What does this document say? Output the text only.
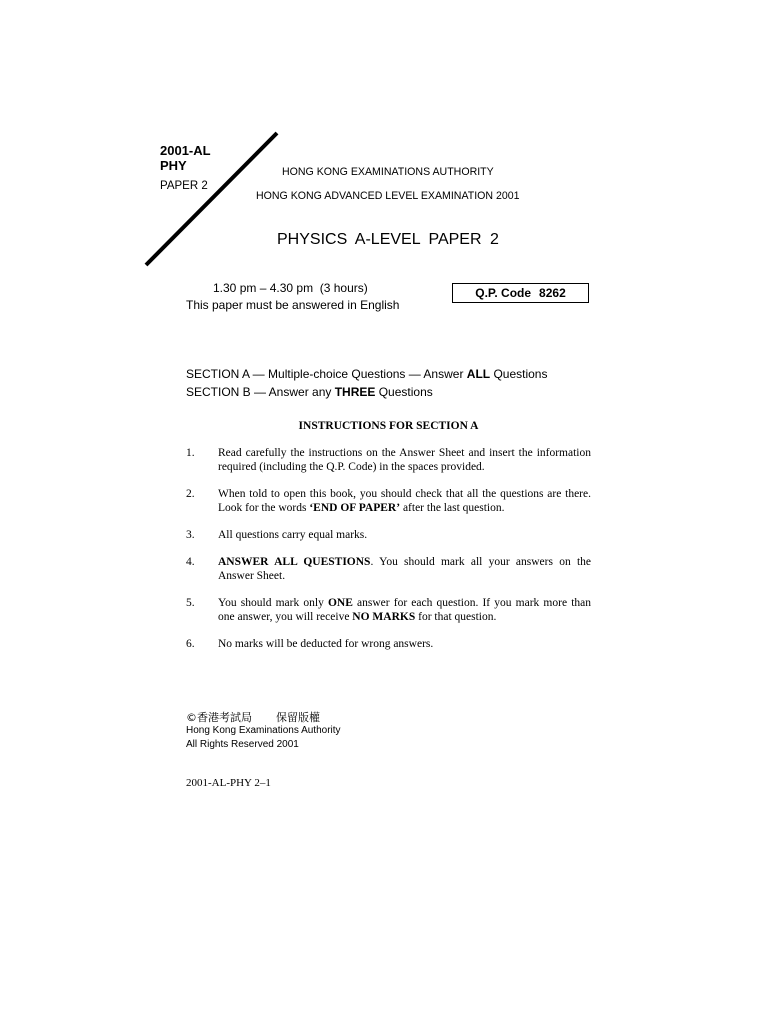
2001-AL
PHY
PAPER 2
HONG KONG EXAMINATIONS AUTHORITY
HONG KONG ADVANCED LEVEL EXAMINATION 2001
PHYSICS A-LEVEL PAPER 2
1.30 pm – 4.30 pm  (3 hours)
This paper must be answered in English
Q.P. Code 8262
SECTION A — Multiple-choice Questions — Answer ALL Questions
SECTION B — Answer any THREE Questions
INSTRUCTIONS FOR SECTION A
1. Read carefully the instructions on the Answer Sheet and insert the information
required (including the Q.P. Code) in the spaces provided.
2. When told to open this book, you should check that all the questions are there.
Look for the words ‘END OF PAPER’ after the last question.
3. All questions carry equal marks.
4. ANSWER ALL QUESTIONS. You should mark all your answers on the
Answer Sheet.
5. You should mark only ONE answer for each question. If you mark more than
one answer, you will receive NO MARKS for that question.
6. No marks will be deducted for wrong answers.
©香港考試局 保留版權
Hong Kong Examinations Authority
All Rights Reserved 2001
2001-AL-PHY 2–1
